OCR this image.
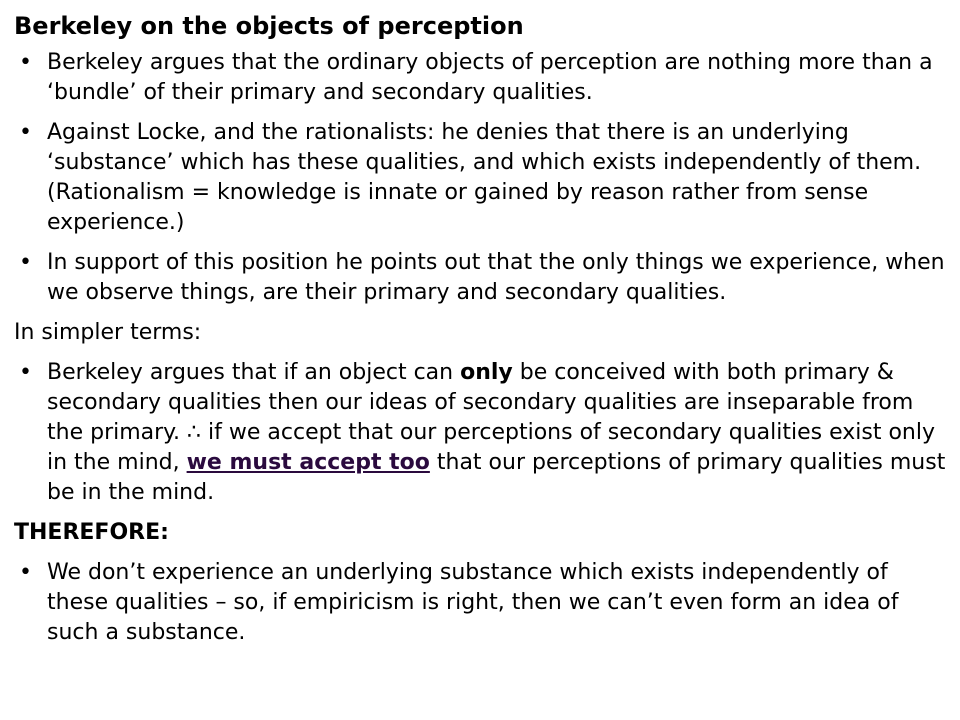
Berkeley on the objects of perception
• Berkeley argues that the ordinary objects of perception are nothing more than a ‘bundle’ of their primary and secondary qualities.
• Against Locke, and the rationalists: he denies that there is an underlying ‘substance’ which has these qualities, and which exists independently of them. (Rationalism = knowledge is innate or gained by reason rather from sense experience.)
• In support of this position he points out that the only things we experience, when we observe things, are their primary and secondary qualities.
In simpler terms:
• Berkeley argues that if an object can only be conceived with both primary & secondary qualities then our ideas of secondary qualities are inseparable from the primary. ∴ if we accept that our perceptions of secondary qualities exist only in the mind, we must accept too that our perceptions of primary qualities must be in the mind.
THEREFORE:
• We don’t experience an underlying substance which exists independently of these qualities – so, if empiricism is right, then we can’t even form an idea of such a substance.
